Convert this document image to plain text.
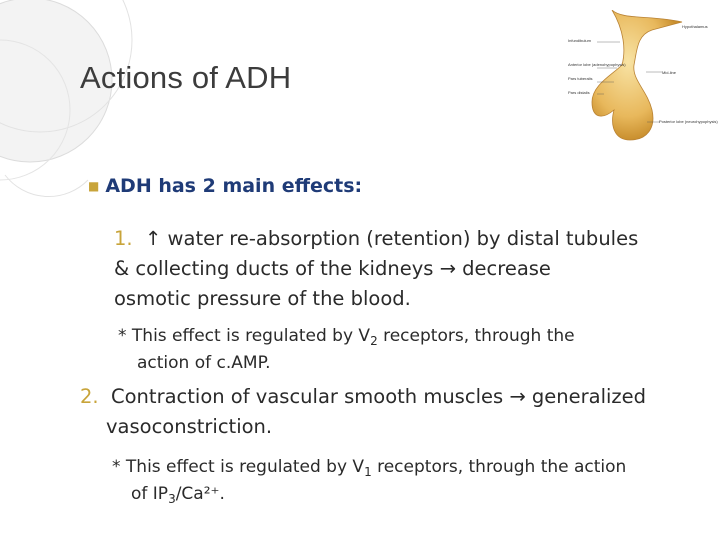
Actions of ADH
Hypothalamus
Infundibulum
Anterior lobe (adenohypophysis)
Pars tuberalis
Pars distalis
Mid-line
Posterior lobe (neurohypophysis)
■ ADH has 2 main effects:
1. ↑ water re-absorption (retention) by distal tubules
& collecting ducts of the kidneys → decrease
osmotic pressure of the blood.
* This effect is regulated by $V_2$ receptors, through the
action of c.AMP.
2. Contraction of vascular smooth muscles → generalized
vasoconstriction.
* This effect is regulated by $V_1$ receptors, through the action
of $IP_3/Ca^{2+}$.
